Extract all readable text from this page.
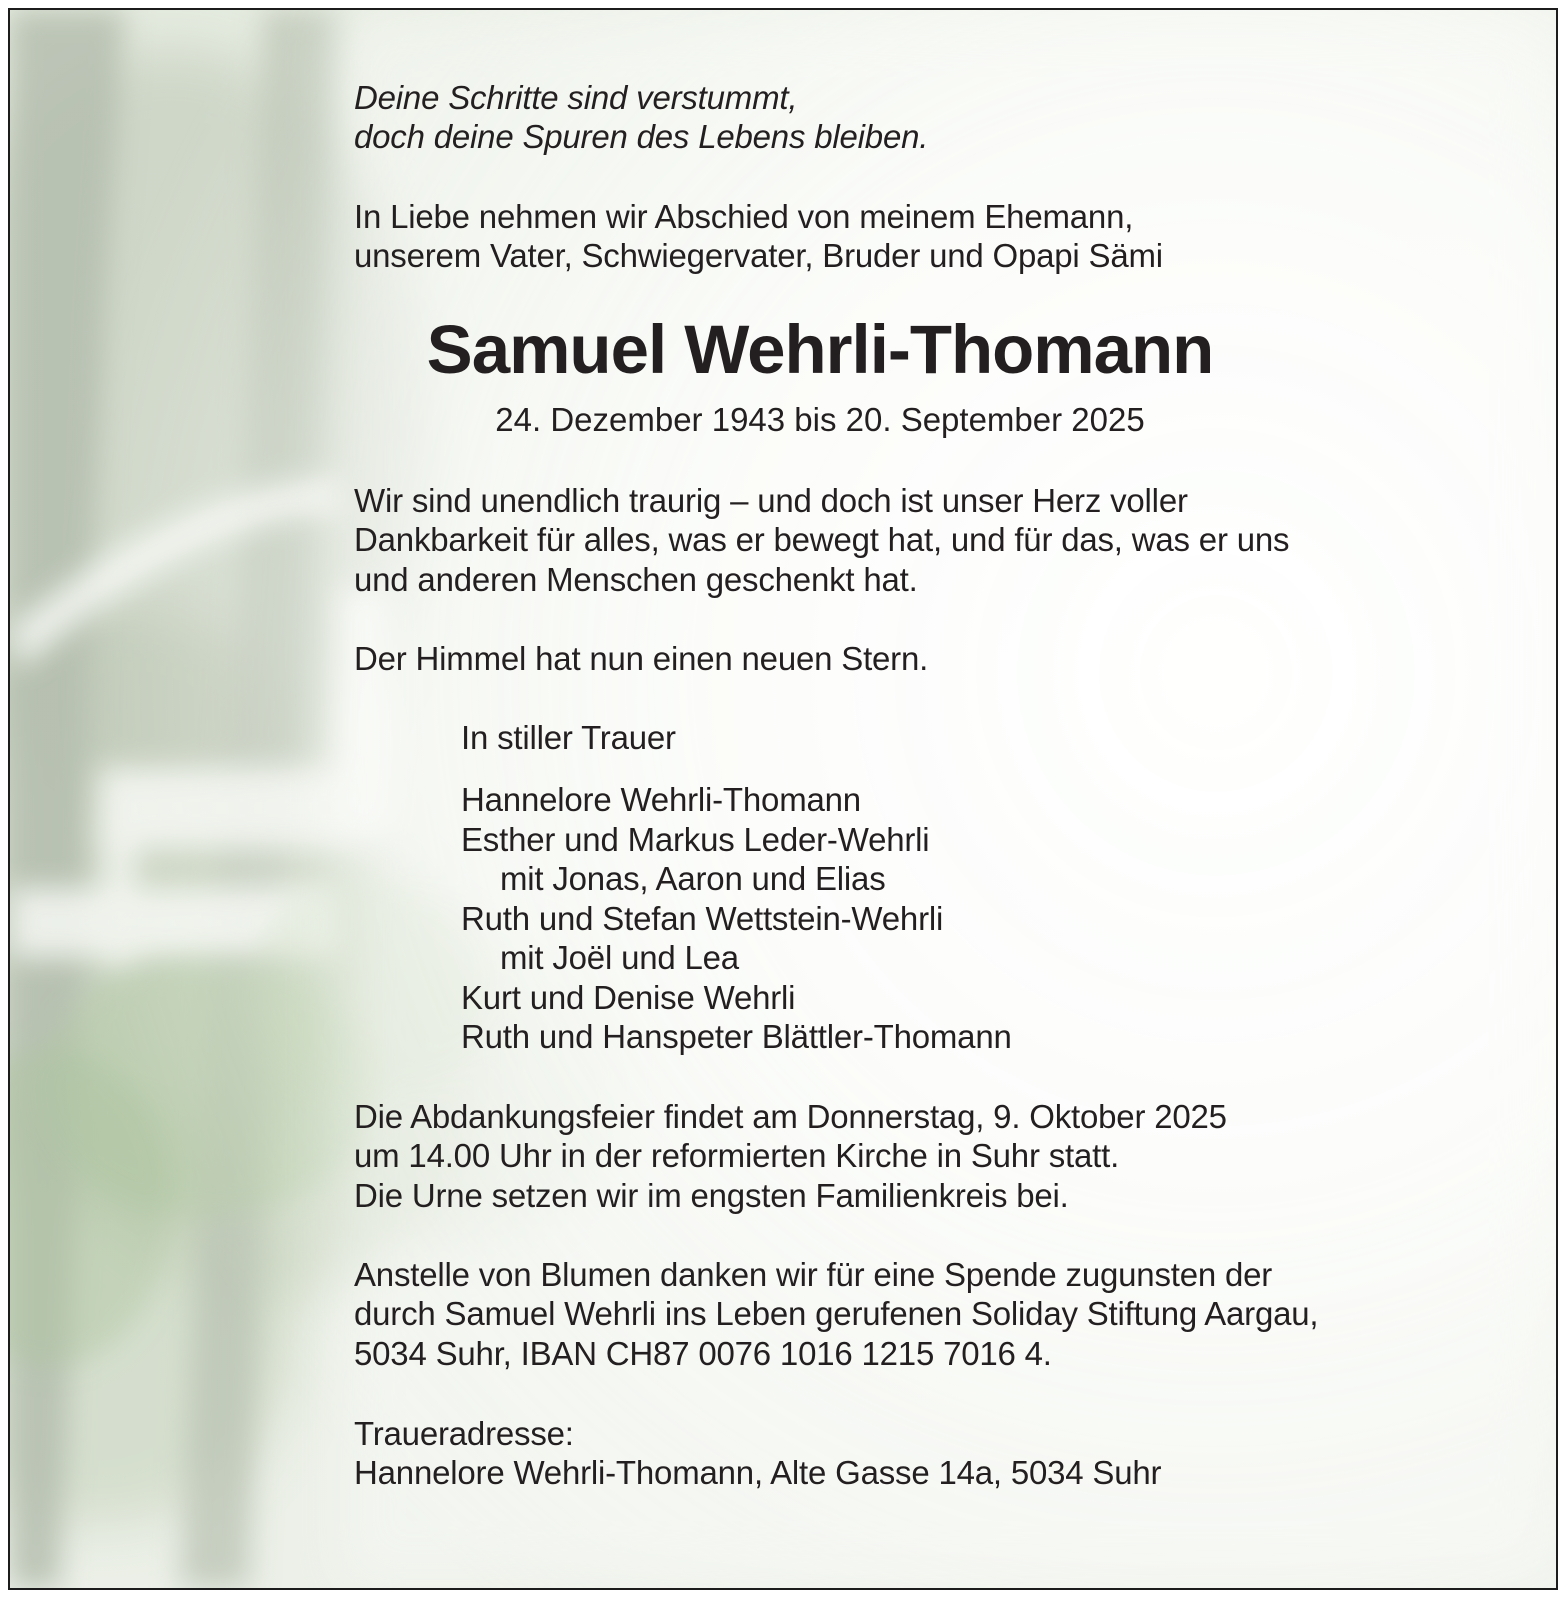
Deine Schritte sind verstummt,
doch deine Spuren des Lebens bleiben.
In Liebe nehmen wir Abschied von meinem Ehemann,
unserem Vater, Schwiegervater, Bruder und Opapi Sämi
Samuel Wehrli-Thomann
24. Dezember 1943 bis 20. September 2025
Wir sind unendlich traurig – und doch ist unser Herz voller
Dankbarkeit für alles, was er bewegt hat, und für das, was er uns
und anderen Menschen geschenkt hat.
Der Himmel hat nun einen neuen Stern.
In stiller Trauer
Hannelore Wehrli-Thomann
Esther und Markus Leder-Wehrli
mit Jonas, Aaron und Elias
Ruth und Stefan Wettstein-Wehrli
mit Joël und Lea
Kurt und Denise Wehrli
Ruth und Hanspeter Blättler-Thomann
Die Abdankungsfeier findet am Donnerstag, 9. Oktober 2025
um 14.00 Uhr in der reformierten Kirche in Suhr statt.
Die Urne setzen wir im engsten Familienkreis bei.
Anstelle von Blumen danken wir für eine Spende zugunsten der
durch Samuel Wehrli ins Leben gerufenen Soliday Stiftung Aargau,
5034 Suhr, IBAN CH87 0076 1016 1215 7016 4.
Traueradresse:
Hannelore Wehrli-Thomann, Alte Gasse 14a, 5034 Suhr
